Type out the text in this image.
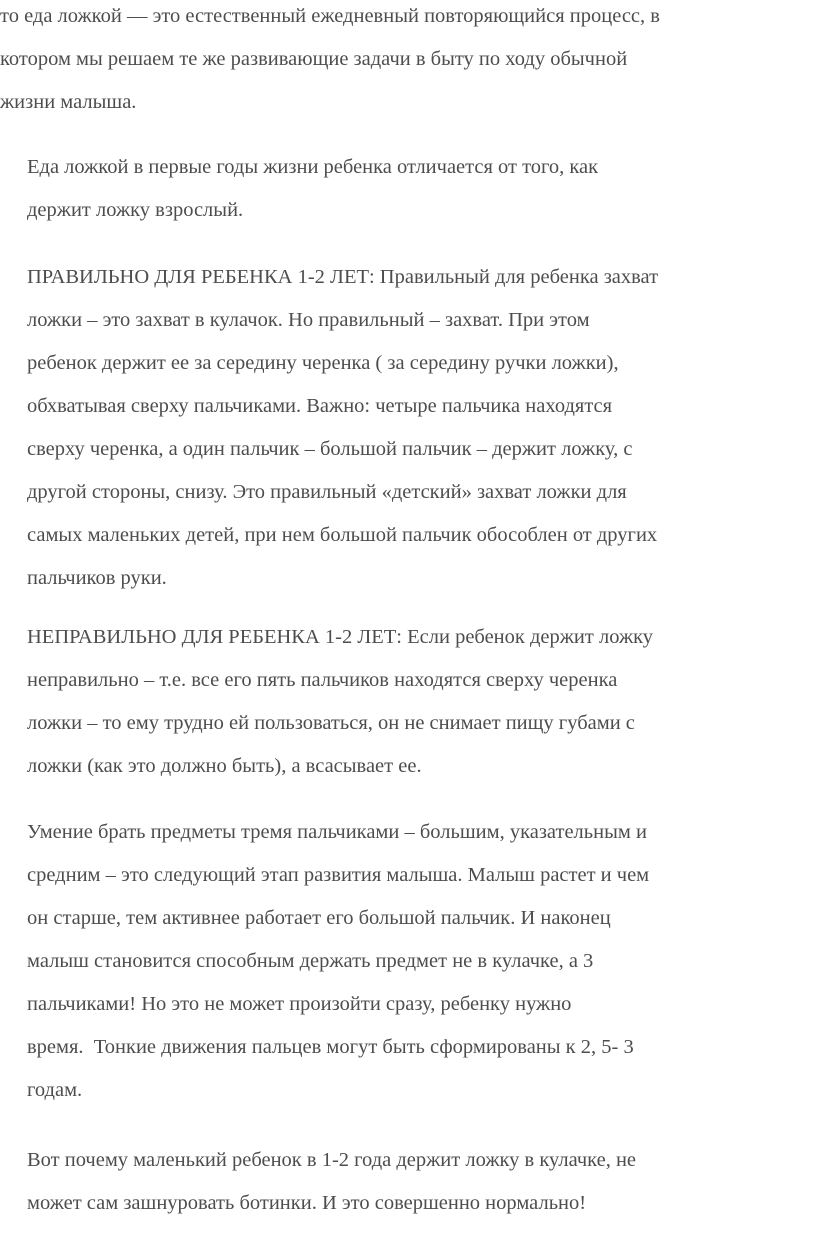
то еда ложкой — это естественный ежедневный повторяющийся процесс, в
котором мы решаем те же развивающие задачи в быту по ходу обычной
жизни малыша.

Еда ложкой в первые годы жизни ребенка отличается от того, как
держит ложку взрослый.

ПРАВИЛЬНО ДЛЯ РЕБЕНКА 1-2 ЛЕТ: Правильный для ребенка захват
ложки – это захват в кулачок. Но правильный – захват. При этом
ребенок держит ее за середину черенка ( за середину ручки ложки),
обхватывая сверху пальчиками. Важно: четыре пальчика находятся
сверху черенка, а один пальчик – большой пальчик – держит ложку, с
другой стороны, снизу. Это правильный «детский» захват ложки для
самых маленьких детей, при нем большой пальчик обособлен от других
пальчиков руки.

НЕПРАВИЛЬНО ДЛЯ РЕБЕНКА 1-2 ЛЕТ: Если ребенок держит ложку
неправильно – т.е. все его пять пальчиков находятся сверху черенка
ложки – то ему трудно ей пользоваться, он не снимает пищу губами с
ложки (как это должно быть), а всасывает ее.

Умение брать предметы тремя пальчиками – большим, указательным и
средним – это следующий этап развития малыша. Малыш растет и чем
он старше, тем активнее работает его большой пальчик. И наконец
малыш становится способным держать предмет не в кулачке, а 3
пальчиками! Но это не может произойти сразу, ребенку нужно
время.  Тонкие движения пальцев могут быть сформированы к 2, 5- 3
годам.

Вот почему маленький ребенок в 1-2 года держит ложку в кулачке, не
может сам зашнуровать ботинки. И это совершенно нормально!
